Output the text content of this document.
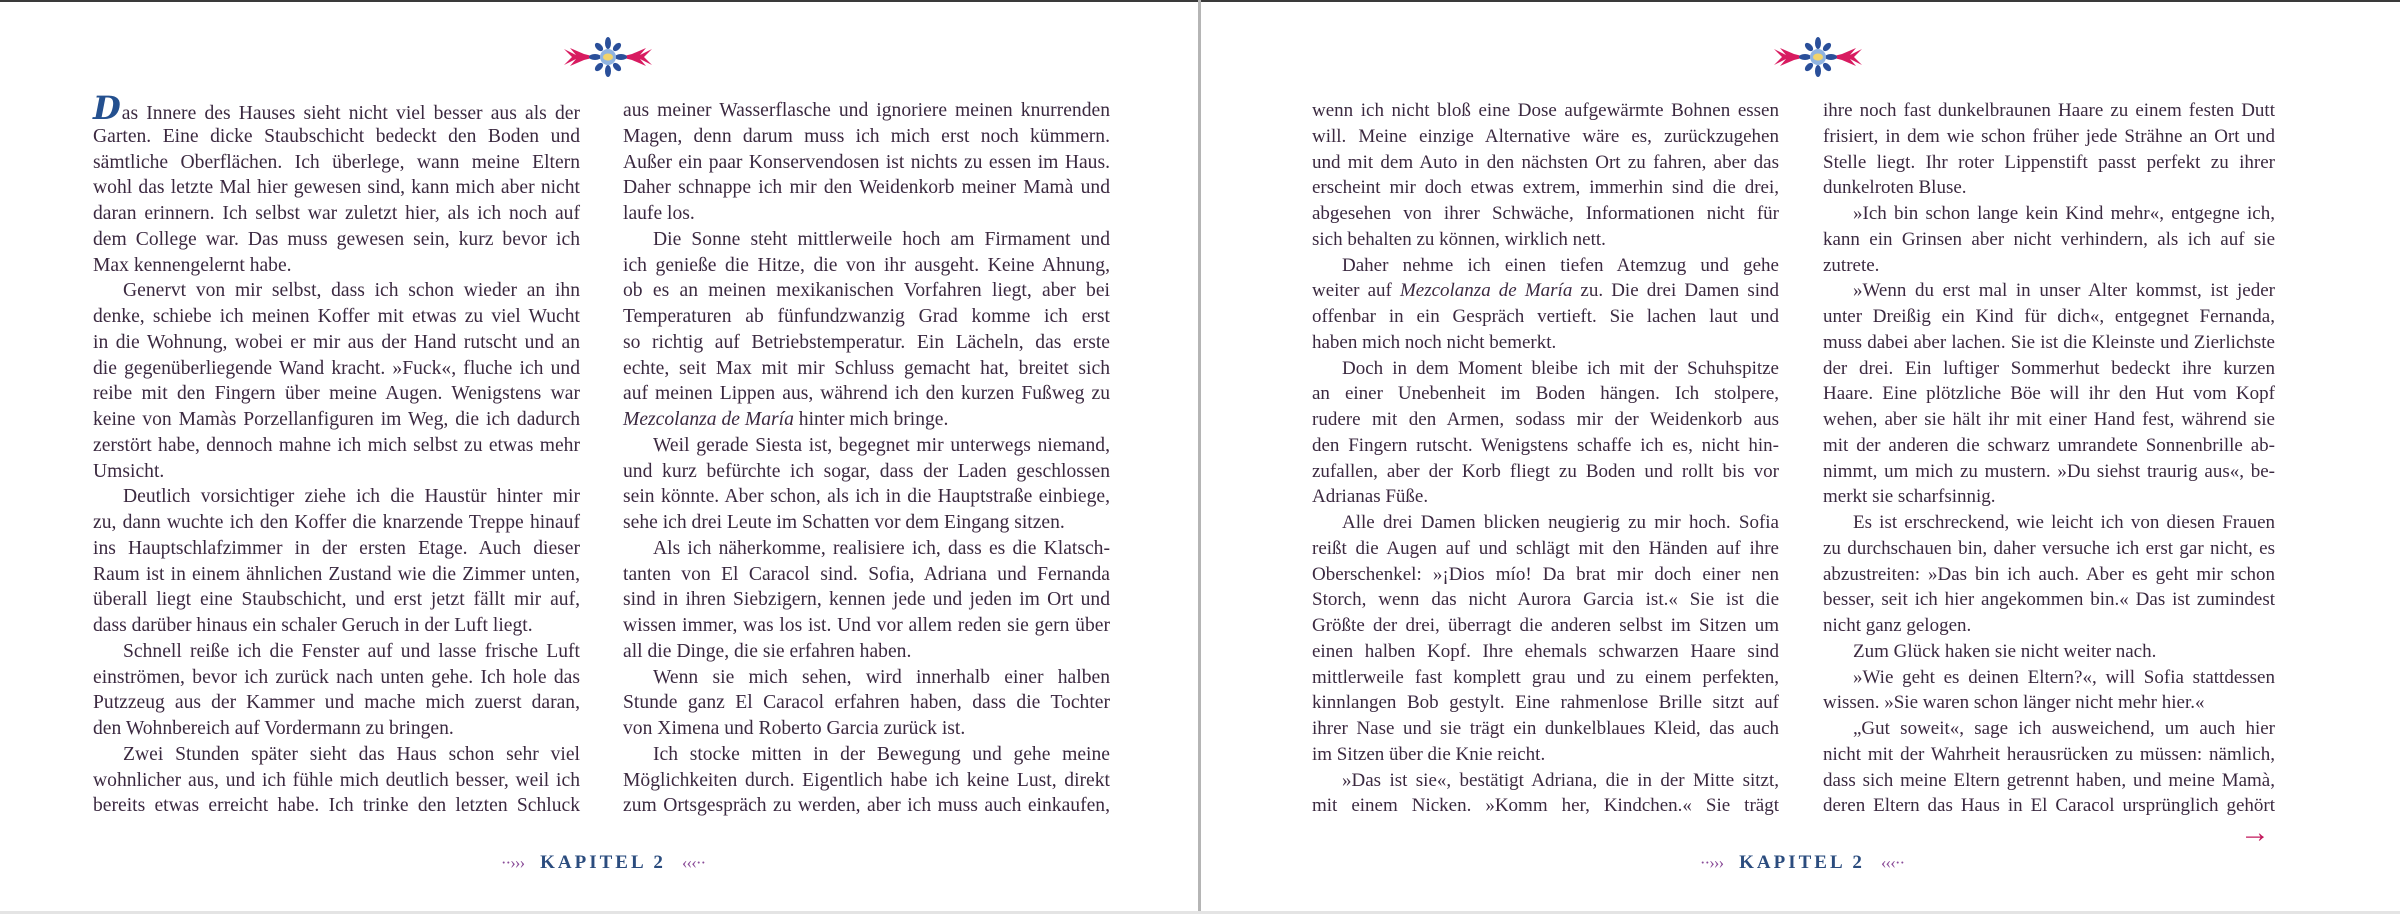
Das Innere des Hauses sieht nicht viel besser aus als der
Garten. Eine dicke Staubschicht bedeckt den Boden und
sämtliche Oberflächen. Ich überlege, wann meine Eltern
wohl das letzte Mal hier gewesen sind, kann mich aber nicht
daran erinnern. Ich selbst war zuletzt hier, als ich noch auf
dem College war. Das muss gewesen sein, kurz bevor ich
Max kennengelernt habe.
Genervt von mir selbst, dass ich schon wieder an ihn
denke, schiebe ich meinen Koffer mit etwas zu viel Wucht
in die Wohnung, wobei er mir aus der Hand rutscht und an
die gegenüberliegende Wand kracht. »Fuck«, fluche ich und
reibe mit den Fingern über meine Augen. Wenigstens war
keine von Mamàs Porzellanfiguren im Weg, die ich dadurch
zerstört habe, dennoch mahne ich mich selbst zu etwas mehr
Umsicht.
Deutlich vorsichtiger ziehe ich die Haustür hinter mir
zu, dann wuchte ich den Koffer die knarzende Treppe hinauf
ins Hauptschlafzimmer in der ersten Etage. Auch dieser
Raum ist in einem ähnlichen Zustand wie die Zimmer unten,
überall liegt eine Staubschicht, und erst jetzt fällt mir auf,
dass darüber hinaus ein schaler Geruch in der Luft liegt.
Schnell reiße ich die Fenster auf und lasse frische Luft
einströmen, bevor ich zurück nach unten gehe. Ich hole das
Putzzeug aus der Kammer und mache mich zuerst daran,
den Wohnbereich auf Vordermann zu bringen.
Zwei Stunden später sieht das Haus schon sehr viel
wohnlicher aus, und ich fühle mich deutlich besser, weil ich
bereits etwas erreicht habe. Ich trinke den letzten Schluck
aus meiner Wasserflasche und ignoriere meinen knurrenden
Magen, denn darum muss ich mich erst noch kümmern.
Außer ein paar Konservendosen ist nichts zu essen im Haus.
Daher schnappe ich mir den Weidenkorb meiner Mamà und
laufe los.
Die Sonne steht mittlerweile hoch am Firmament und
ich genieße die Hitze, die von ihr ausgeht. Keine Ahnung,
ob es an meinen mexikanischen Vorfahren liegt, aber bei
Temperaturen ab fünfundzwanzig Grad komme ich erst
so richtig auf Betriebstemperatur. Ein Lächeln, das erste
echte, seit Max mit mir Schluss gemacht hat, breitet sich
auf meinen Lippen aus, während ich den kurzen Fußweg zu
Mezcolanza de María hinter mich bringe.
Weil gerade Siesta ist, begegnet mir unterwegs niemand,
und kurz befürchte ich sogar, dass der Laden geschlossen
sein könnte. Aber schon, als ich in die Hauptstraße einbiege,
sehe ich drei Leute im Schatten vor dem Eingang sitzen.
Als ich näherkomme, realisiere ich, dass es die Klatsch-
tanten von El Caracol sind. Sofia, Adriana und Fernanda
sind in ihren Siebzigern, kennen jede und jeden im Ort und
wissen immer, was los ist. Und vor allem reden sie gern über
all die Dinge, die sie erfahren haben.
Wenn sie mich sehen, wird innerhalb einer halben
Stunde ganz El Caracol erfahren haben, dass die Tochter
von Ximena und Roberto Garcia zurück ist.
Ich stocke mitten in der Bewegung und gehe meine
Möglichkeiten durch. Eigentlich habe ich keine Lust, direkt
zum Ortsgespräch zu werden, aber ich muss auch einkaufen,
··››› KAPITEL 2 ‹‹‹··
wenn ich nicht bloß eine Dose aufgewärmte Bohnen essen
will. Meine einzige Alternative wäre es, zurückzugehen
und mit dem Auto in den nächsten Ort zu fahren, aber das
erscheint mir doch etwas extrem, immerhin sind die drei,
abgesehen von ihrer Schwäche, Informationen nicht für
sich behalten zu können, wirklich nett.
Daher nehme ich einen tiefen Atemzug und gehe
weiter auf Mezcolanza de María zu. Die drei Damen sind
offenbar in ein Gespräch vertieft. Sie lachen laut und
haben mich noch nicht bemerkt.
Doch in dem Moment bleibe ich mit der Schuhspitze
an einer Unebenheit im Boden hängen. Ich stolpere,
rudere mit den Armen, sodass mir der Weidenkorb aus
den Fingern rutscht. Wenigstens schaffe ich es, nicht hin-
zufallen, aber der Korb fliegt zu Boden und rollt bis vor
Adrianas Füße.
Alle drei Damen blicken neugierig zu mir hoch. Sofia
reißt die Augen auf und schlägt mit den Händen auf ihre
Oberschenkel: »¡Dios mío! Da brat mir doch einer nen
Storch, wenn das nicht Aurora Garcia ist.« Sie ist die
Größte der drei, überragt die anderen selbst im Sitzen um
einen halben Kopf. Ihre ehemals schwarzen Haare sind
mittlerweile fast komplett grau und zu einem perfekten,
kinnlangen Bob gestylt. Eine rahmenlose Brille sitzt auf
ihrer Nase und sie trägt ein dunkelblaues Kleid, das auch
im Sitzen über die Knie reicht.
»Das ist sie«, bestätigt Adriana, die in der Mitte sitzt,
mit einem Nicken. »Komm her, Kindchen.« Sie trägt
ihre noch fast dunkelbraunen Haare zu einem festen Dutt
frisiert, in dem wie schon früher jede Strähne an Ort und
Stelle liegt. Ihr roter Lippenstift passt perfekt zu ihrer
dunkelroten Bluse.
»Ich bin schon lange kein Kind mehr«, entgegne ich,
kann ein Grinsen aber nicht verhindern, als ich auf sie
zutrete.
»Wenn du erst mal in unser Alter kommst, ist jeder
unter Dreißig ein Kind für dich«, entgegnet Fernanda,
muss dabei aber lachen. Sie ist die Kleinste und Zierlichste
der drei. Ein luftiger Sommerhut bedeckt ihre kurzen
Haare. Eine plötzliche Böe will ihr den Hut vom Kopf
wehen, aber sie hält ihr mit einer Hand fest, während sie
mit der anderen die schwarz umrandete Sonnenbrille ab-
nimmt, um mich zu mustern. »Du siehst traurig aus«, be-
merkt sie scharfsinnig.
Es ist erschreckend, wie leicht ich von diesen Frauen
zu durchschauen bin, daher versuche ich erst gar nicht, es
abzustreiten: »Das bin ich auch. Aber es geht mir schon
besser, seit ich hier angekommen bin.« Das ist zumindest
nicht ganz gelogen.
Zum Glück haken sie nicht weiter nach.
»Wie geht es deinen Eltern?«, will Sofia stattdessen
wissen. »Sie waren schon länger nicht mehr hier.«
„Gut soweit«, sage ich ausweichend, um auch hier
nicht mit der Wahrheit herausrücken zu müssen: nämlich,
dass sich meine Eltern getrennt haben, und meine Mamà,
deren Eltern das Haus in El Caracol ursprünglich gehört
→
··››› KAPITEL 2 ‹‹‹··
